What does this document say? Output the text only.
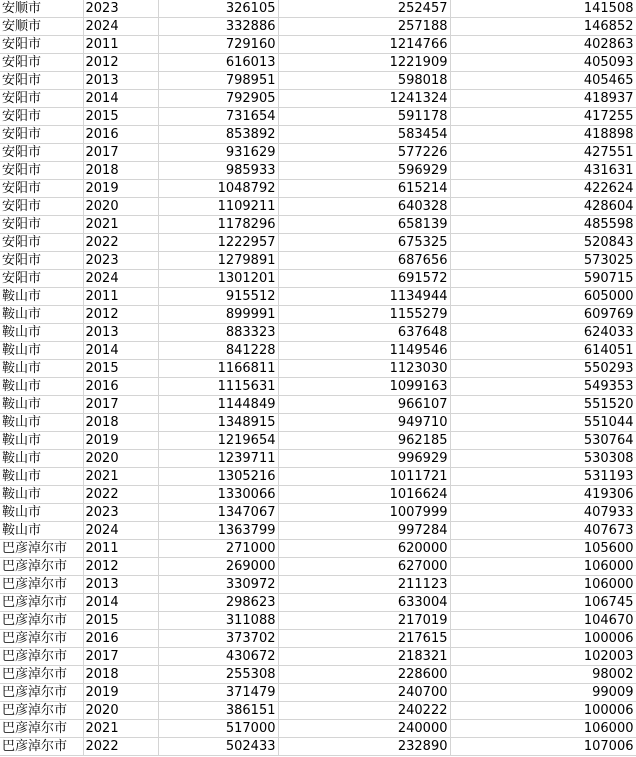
安顺市	2023	326105	252457	141508
安顺市	2024	332886	257188	146852
安阳市	2011	729160	1214766	402863
安阳市	2012	616013	1221909	405093
安阳市	2013	798951	598018	405465
安阳市	2014	792905	1241324	418937
安阳市	2015	731654	591178	417255
安阳市	2016	853892	583454	418898
安阳市	2017	931629	577226	427551
安阳市	2018	985933	596929	431631
安阳市	2019	1048792	615214	422624
安阳市	2020	1109211	640328	428604
安阳市	2021	1178296	658139	485598
安阳市	2022	1222957	675325	520843
安阳市	2023	1279891	687656	573025
安阳市	2024	1301201	691572	590715
鞍山市	2011	915512	1134944	605000
鞍山市	2012	899991	1155279	609769
鞍山市	2013	883323	637648	624033
鞍山市	2014	841228	1149546	614051
鞍山市	2015	1166811	1123030	550293
鞍山市	2016	1115631	1099163	549353
鞍山市	2017	1144849	966107	551520
鞍山市	2018	1348915	949710	551044
鞍山市	2019	1219654	962185	530764
鞍山市	2020	1239711	996929	530308
鞍山市	2021	1305216	1011721	531193
鞍山市	2022	1330066	1016624	419306
鞍山市	2023	1347067	1007999	407933
鞍山市	2024	1363799	997284	407673
巴彦淖尔市	2011	271000	620000	105600
巴彦淖尔市	2012	269000	627000	106000
巴彦淖尔市	2013	330972	211123	106000
巴彦淖尔市	2014	298623	633004	106745
巴彦淖尔市	2015	311088	217019	104670
巴彦淖尔市	2016	373702	217615	100006
巴彦淖尔市	2017	430672	218321	102003
巴彦淖尔市	2018	255308	228600	98002
巴彦淖尔市	2019	371479	240700	99009
巴彦淖尔市	2020	386151	240222	100006
巴彦淖尔市	2021	517000	240000	106000
巴彦淖尔市	2022	502433	232890	107006
